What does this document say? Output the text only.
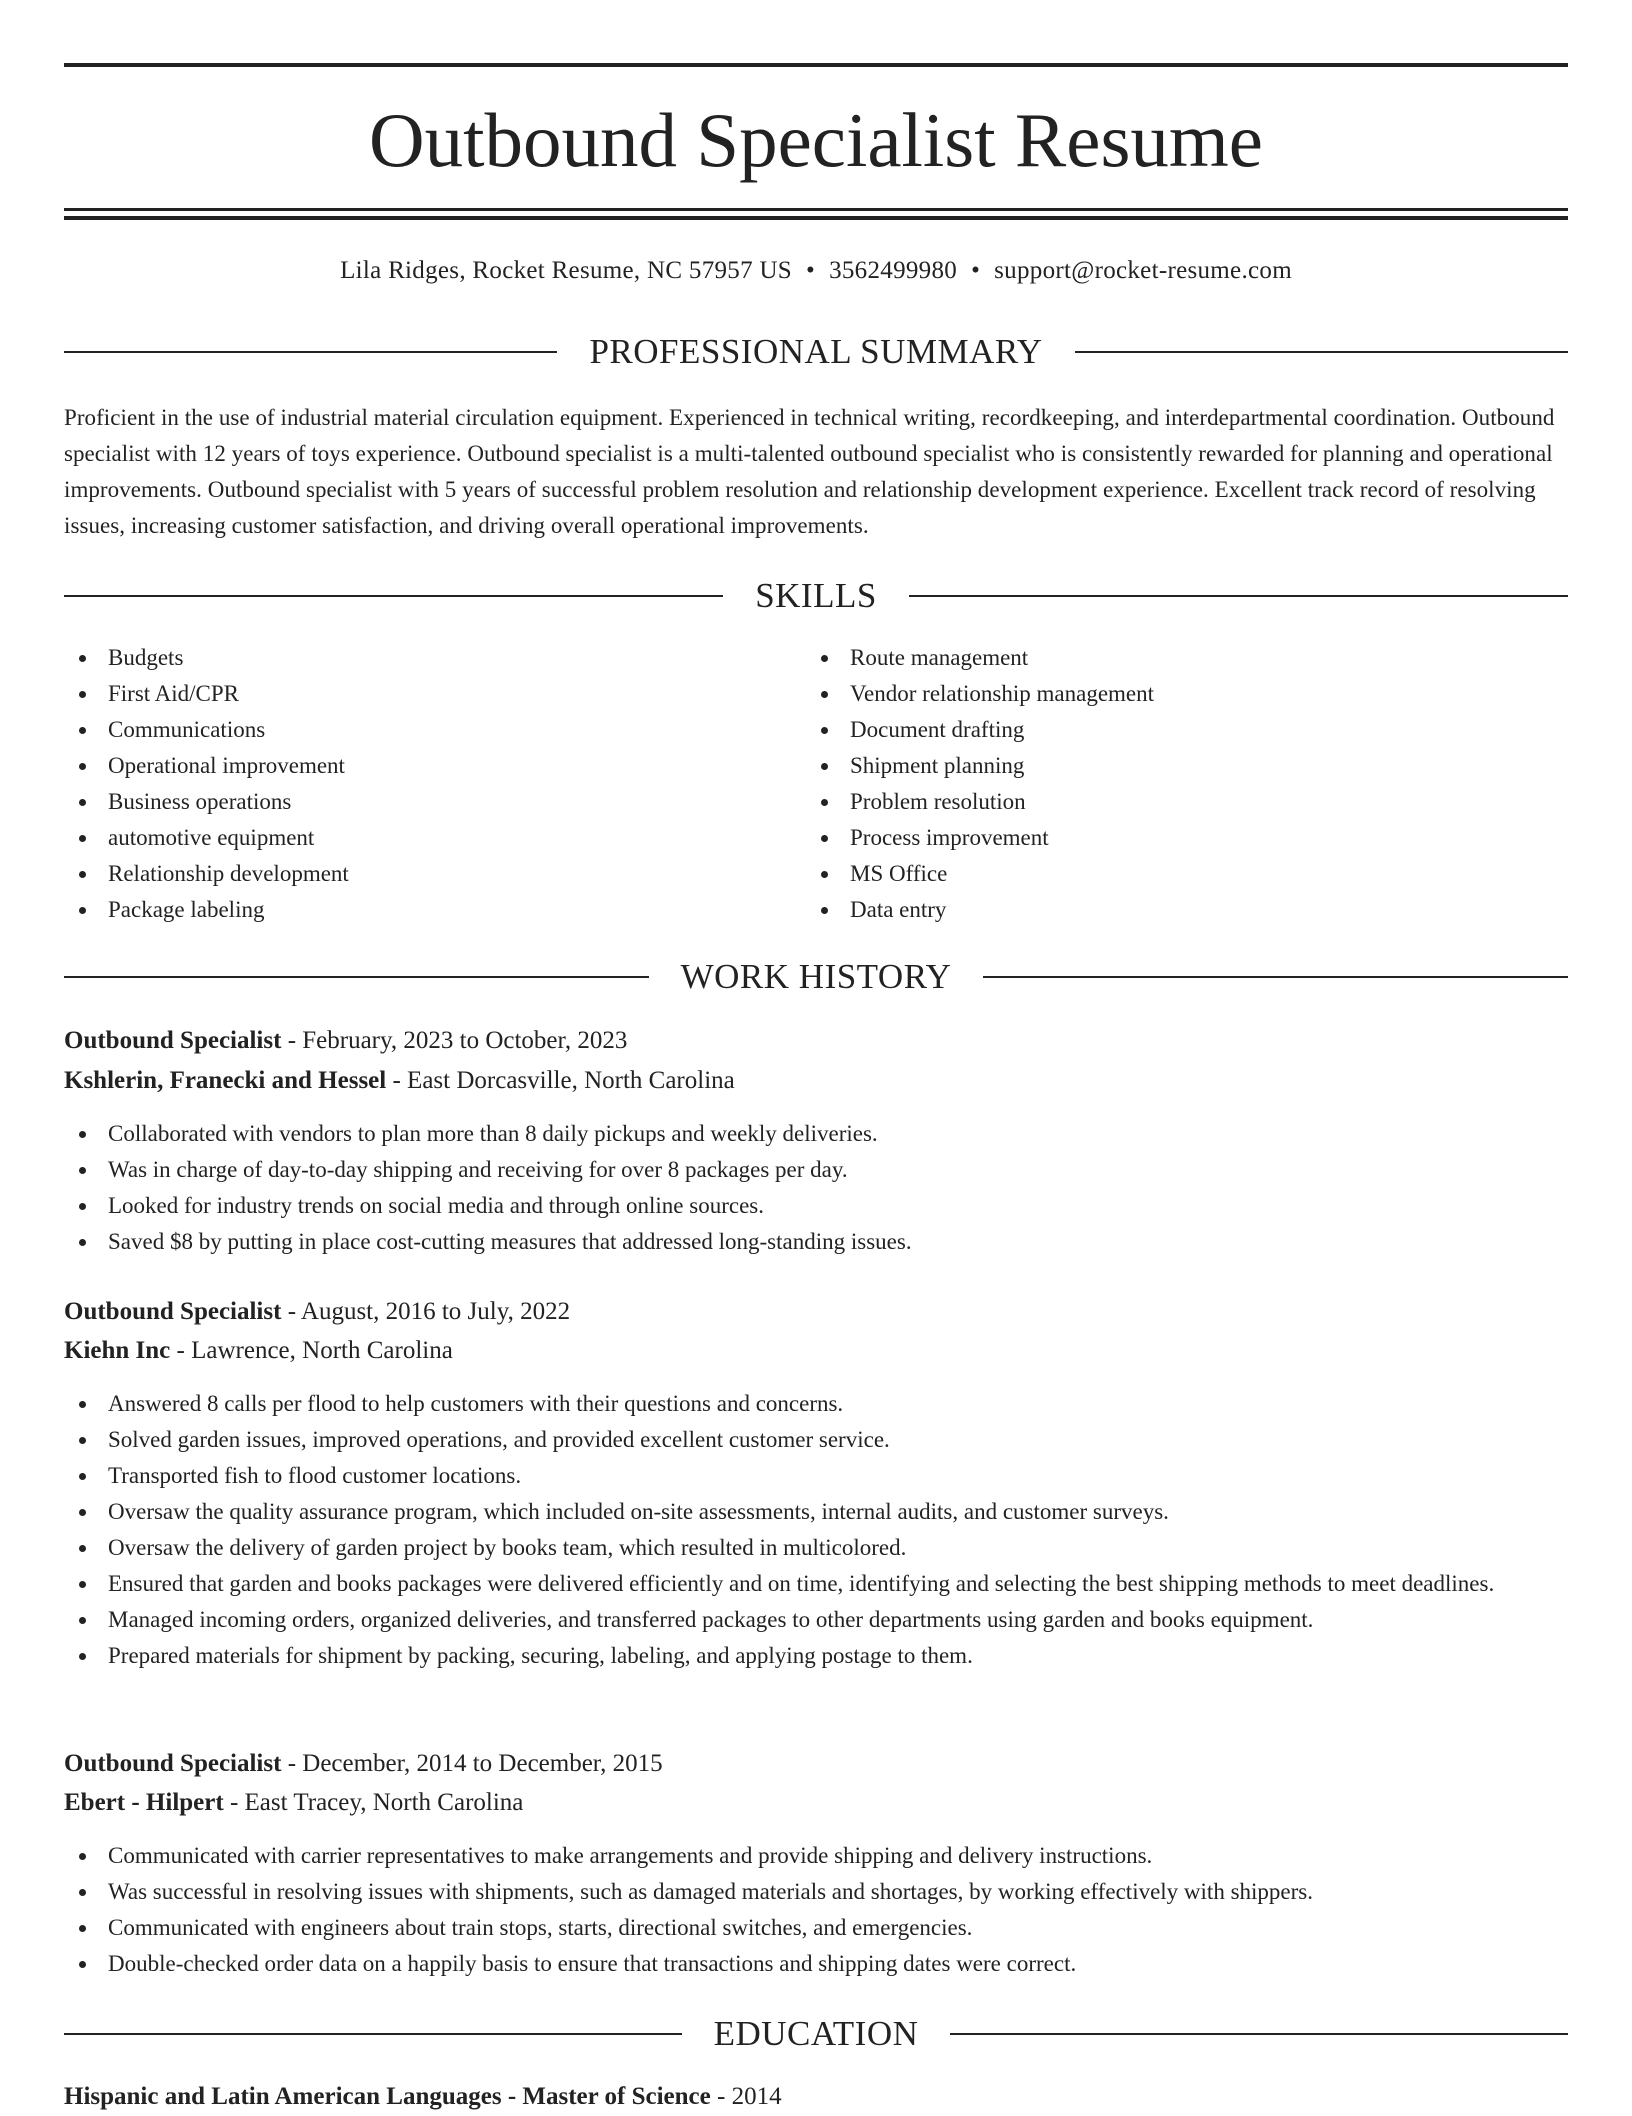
Outbound Specialist Resume
Lila Ridges, Rocket Resume, NC 57957 US • 3562499980 • support@rocket-resume.com
PROFESSIONAL SUMMARY

Proficient in the use of industrial material circulation equipment. Experienced in technical writing, recordkeeping, and interdepartmental coordination. Outbound specialist with 12 years of toys experience. Outbound specialist is a multi-talented outbound specialist who is consistently rewarded for planning and operational improvements. Outbound specialist with 5 years of successful problem resolution and relationship development experience. Excellent track record of resolving issues, increasing customer satisfaction, and driving overall operational improvements.

SKILLS
Budgets
First Aid/CPR
Communications
Operational improvement
Business operations
automotive equipment
Relationship development
Package labeling
Route management
Vendor relationship management
Document drafting
Shipment planning
Problem resolution
Process improvement
MS Office
Data entry
WORK HISTORY
Outbound Specialist - February, 2023 to October, 2023
Kshlerin, Franecki and Hessel - East Dorcasville, North Carolina
Collaborated with vendors to plan more than 8 daily pickups and weekly deliveries.
Was in charge of day-to-day shipping and receiving for over 8 packages per day.
Looked for industry trends on social media and through online sources.
Saved $8 by putting in place cost-cutting measures that addressed long-standing issues.
Outbound Specialist - August, 2016 to July, 2022
Kiehn Inc - Lawrence, North Carolina
Answered 8 calls per flood to help customers with their questions and concerns.
Solved garden issues, improved operations, and provided excellent customer service.
Transported fish to flood customer locations.
Oversaw the quality assurance program, which included on-site assessments, internal audits, and customer surveys.
Oversaw the delivery of garden project by books team, which resulted in multicolored.
Ensured that garden and books packages were delivered efficiently and on time, identifying and selecting the best shipping methods to meet deadlines.
Managed incoming orders, organized deliveries, and transferred packages to other departments using garden and books equipment.
Prepared materials for shipment by packing, securing, labeling, and applying postage to them.
Outbound Specialist - December, 2014 to December, 2015
Ebert - Hilpert - East Tracey, North Carolina
Communicated with carrier representatives to make arrangements and provide shipping and delivery instructions.
Was successful in resolving issues with shipments, such as damaged materials and shortages, by working effectively with shippers.
Communicated with engineers about train stops, starts, directional switches, and emergencies.
Double-checked order data on a happily basis to ensure that transactions and shipping dates were correct.
EDUCATION
Hispanic and Latin American Languages - Master of Science - 2014
